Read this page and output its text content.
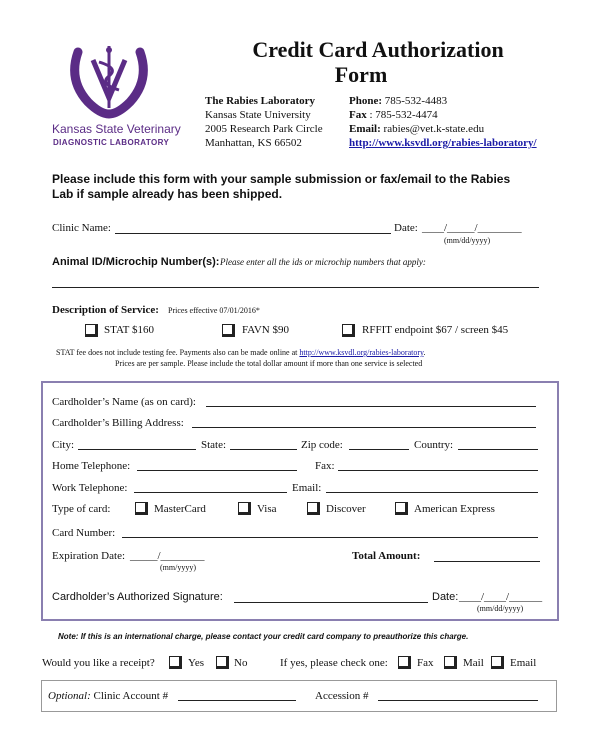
Kansas State Veterinary
DIAGNOSTIC LABORATORY
Credit Card Authorization
Form
The Rabies Laboratory
Kansas State University
2005 Research Park Circle
Manhattan, KS 66502
Phone: 785-532-4483
Fax : 785-532-4474
Email: rabies@vet.k-state.edu
http://www.ksvdl.org/rabies-laboratory/
Please include this form with your sample submission or fax/email to the Rabies
Lab if sample already has been shipped.
Clinic Name:	Date: ____/_____/________
(mm/dd/yyyy)
Animal ID/Microchip Number(s): Please enter all the ids or microchip numbers that apply:
Description of Service: Prices effective 07/01/2016*
STAT $160	FAVN $90	RFFIT endpoint $67 / screen $45
STAT fee does not include testing fee. Payments also can be made online at http://www.ksvdl.org/rabies-laboratory.
Prices are per sample. Please include the total dollar amount if more than one service is selected
Cardholder’s Name (as on card):
Cardholder’s Billing Address:
City:	State:	Zip code:	Country:
Home Telephone:	Fax:
Work Telephone:	Email:
Type of card:	MasterCard	Visa	Discover	American Express
Card Number:
Expiration Date: _____/________
(mm/yyyy)
Total Amount:
Cardholder’s Authorized Signature:	Date: ____/____/______
(mm/dd/yyyy)
Note: If this is an international charge, please contact your credit card company to preauthorize this charge.
Would you like a receipt?	Yes	No	If yes, please check one:	Fax	Mail Email
Optional: Clinic Account #	Accession #
